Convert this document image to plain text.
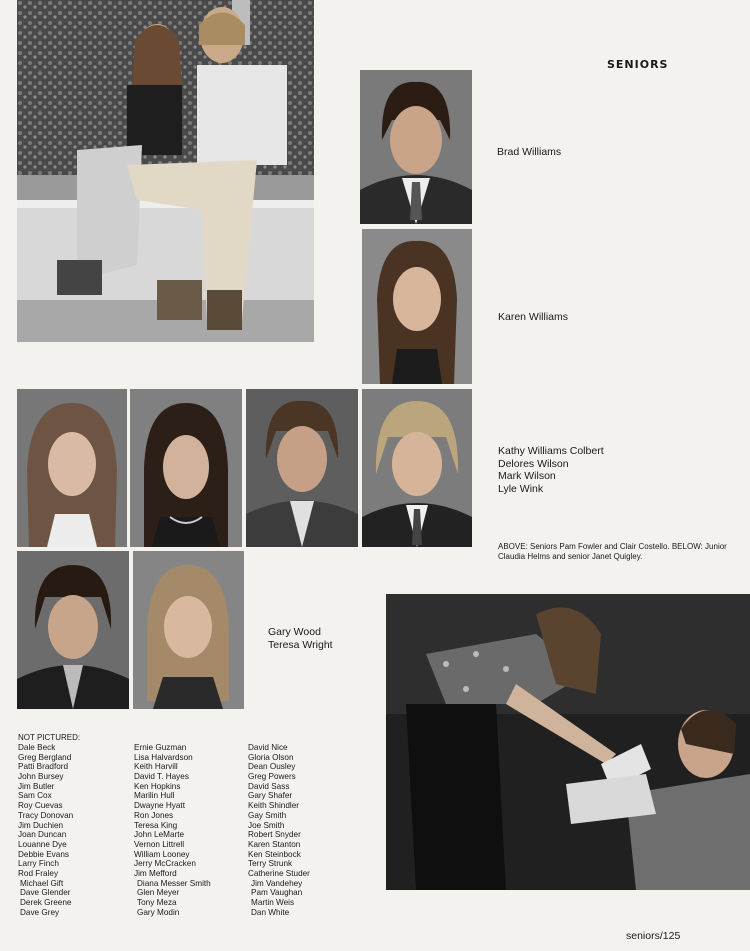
seniors
Brad Williams
Karen Williams
Kathy Williams Colbert
Delores Wilson
Mark Wilson
Lyle Wink
ABOVE: Seniors Pam Fowler and Clair Costello. BELOW: Junior Claudia Helms and senior Janet Quigley.
Gary Wood
Teresa Wright
NOT PICTURED:
Dale Beck
Greg Bergland
Patti Bradford
John Bursey
Jim Butler
Sam Cox
Roy Cuevas
Tracy Donovan
Jim Duchien
Joan Duncan
Louanne Dye
Debbie Evans
Larry Finch
Rod Fraley
Michael Gift
Dave Glender
Derek Greene
Dave Grey
Ernie Guzman
Lisa Halvardson
Keith Harvill
David T. Hayes
Ken Hopkins
Marilin Hull
Dwayne Hyatt
Ron Jones
Teresa King
John LeMarte
Vernon Littrell
William Looney
Jerry McCracken
Jim Mefford
Diana Messer Smith
Glen Meyer
Tony Meza
Gary Modin
David Nice
Gloria Olson
Dean Ousley
Greg Powers
David Sass
Gary Shafer
Keith Shindler
Gay Smith
Joe Smith
Robert Snyder
Karen Stanton
Ken Steinbock
Terry Strunk
Catherine Studer
Jim Vandehey
Pam Vaughan
Martin Weis
Dan White
seniors/125
